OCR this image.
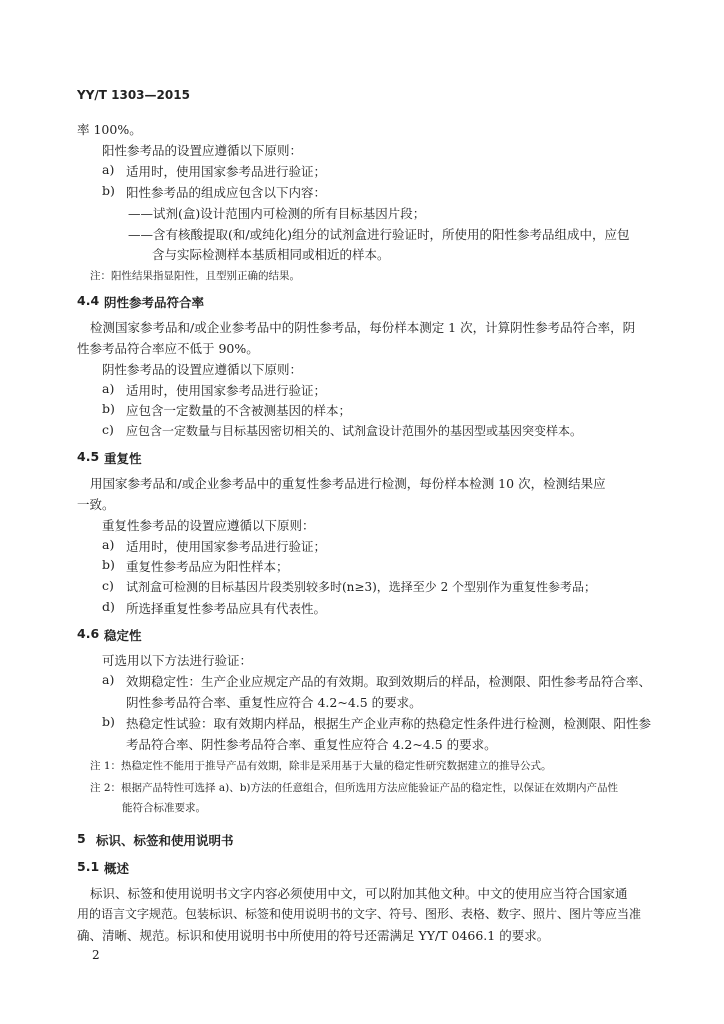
YY/T 1303—2015
率 100%。
阳性参考品的设置应遵循以下原则：
a) 适用时，使用国家参考品进行验证；
b) 阳性参考品的组成应包含以下内容：
——试剂(盒)设计范围内可检测的所有目标基因片段；
——含有核酸提取(和/或纯化)组分的试剂盒进行验证时，所使用的阳性参考品组成中，应包
含与实际检测样本基质相同或相近的样本。
注：阳性结果指显阳性，且型别正确的结果。
4.4 阴性参考品符合率
检测国家参考品和/或企业参考品中的阴性参考品，每份样本测定 1 次，计算阴性参考品符合率，阴
性参考品符合率应不低于 90%。
阴性参考品的设置应遵循以下原则：
a) 适用时，使用国家参考品进行验证；
b) 应包含一定数量的不含被测基因的样本；
c) 应包含一定数量与目标基因密切相关的、试剂盒设计范围外的基因型或基因突变样本。
4.5 重复性
用国家参考品和/或企业参考品中的重复性参考品进行检测，每份样本检测 10 次，检测结果应
一致。
重复性参考品的设置应遵循以下原则：
a) 适用时，使用国家参考品进行验证；
b) 重复性参考品应为阳性样本；
c) 试剂盒可检测的目标基因片段类别较多时(n≥3)，选择至少 2 个型别作为重复性参考品；
d) 所选择重复性参考品应具有代表性。
4.6 稳定性
可选用以下方法进行验证：
a) 效期稳定性：生产企业应规定产品的有效期。取到效期后的样品，检测限、阳性参考品符合率、
阴性参考品符合率、重复性应符合 4.2~4.5 的要求。
b) 热稳定性试验：取有效期内样品，根据生产企业声称的热稳定性条件进行检测，检测限、阳性参
考品符合率、阴性参考品符合率、重复性应符合 4.2~4.5 的要求。
注 1：热稳定性不能用于推导产品有效期，除非是采用基于大量的稳定性研究数据建立的推导公式。
注 2：根据产品特性可选择 a)、b)方法的任意组合，但所选用方法应能验证产品的稳定性，以保证在效期内产品性
能符合标准要求。
5 标识、标签和使用说明书
5.1 概述
标识、标签和使用说明书文字内容必须使用中文，可以附加其他文种。中文的使用应当符合国家通
用的语言文字规范。包装标识、标签和使用说明书的文字、符号、图形、表格、数字、照片、图片等应当准
确、清晰、规范。标识和使用说明书中所使用的符号还需满足 YY/T 0466.1 的要求。
2
